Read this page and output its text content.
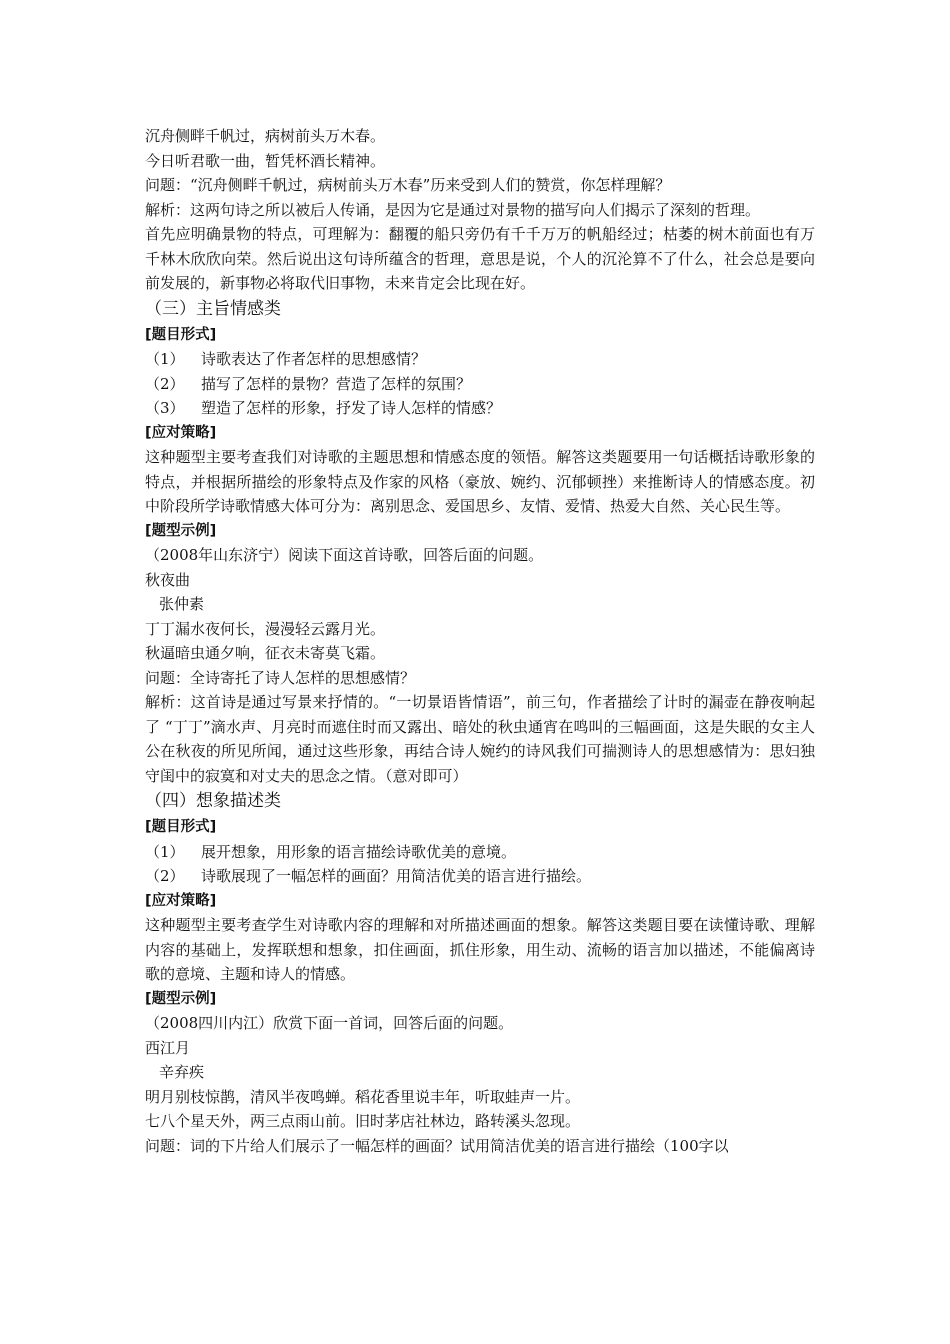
沉舟侧畔千帆过，病树前头万木春。

今日听君歌一曲，暂凭杯酒长精神。

问题：“沉舟侧畔千帆过，病树前头万木春”历来受到人们的赞赏，你怎样理解？

解析：这两句诗之所以被后人传诵，是因为它是通过对景物的描写向人们揭示了深刻的哲理。

首先应明确景物的特点，可理解为：翻覆的船只旁仍有千千万万的帆船经过；枯萎的树木前面也有万千林木欣欣向荣。然后说出这句诗所蕴含的哲理，意思是说，个人的沉沦算不了什么，社会总是要向前发展的，新事物必将取代旧事物，未来肯定会比现在好。

（三）主旨情感类

[题目形式]

（1）	诗歌表达了作者怎样的思想感情？
（2）	描写了怎样的景物？营造了怎样的氛围？
（3）	塑造了怎样的形象，抒发了诗人怎样的情感？

[应对策略]

这种题型主要考查我们对诗歌的主题思想和情感态度的领悟。解答这类题要用一句话概括诗歌形象的特点，并根据所描绘的形象特点及作家的风格（豪放、婉约、沉郁顿挫）来推断诗人的情感态度。初中阶段所学诗歌情感大体可分为：离别思念、爱国思乡、友情、爱情、热爱大自然、关心民生等。

[题型示例]

（2008年山东济宁）阅读下面这首诗歌，回答后面的问题。

秋夜曲

张仲素

丁丁漏水夜何长，漫漫轻云露月光。

秋逼暗虫通夕响，征衣未寄莫飞霜。

问题：全诗寄托了诗人怎样的思想感情？

解析：这首诗是通过写景来抒情的。“一切景语皆情语”，前三句，作者描绘了计时的漏壶在静夜响起了 “丁丁”滴水声、月亮时而遮住时而又露出、暗处的秋虫通宵在鸣叫的三幅画面，这是失眠的女主人公在秋夜的所见所闻，通过这些形象，再结合诗人婉约的诗风我们可揣测诗人的思想感情为：思妇独守闺中的寂寞和对丈夫的思念之情。（意对即可）

（四）想象描述类

[题目形式]

（1）	展开想象，用形象的语言描绘诗歌优美的意境。
（2）	诗歌展现了一幅怎样的画面？用简洁优美的语言进行描绘。

[应对策略]

这种题型主要考查学生对诗歌内容的理解和对所描述画面的想象。解答这类题目要在读懂诗歌、理解内容的基础上，发挥联想和想象，扣住画面，抓住形象，用生动、流畅的语言加以描述，不能偏离诗歌的意境、主题和诗人的情感。

[题型示例]

（2008四川内江）欣赏下面一首词，回答后面的问题。

西江月

辛弃疾

明月别枝惊鹊，清风半夜鸣蝉。稻花香里说丰年，听取蛙声一片。

七八个星天外，两三点雨山前。旧时茅店社林边，路转溪头忽现。

问题：词的下片给人们展示了一幅怎样的画面？试用简洁优美的语言进行描绘（100字以
